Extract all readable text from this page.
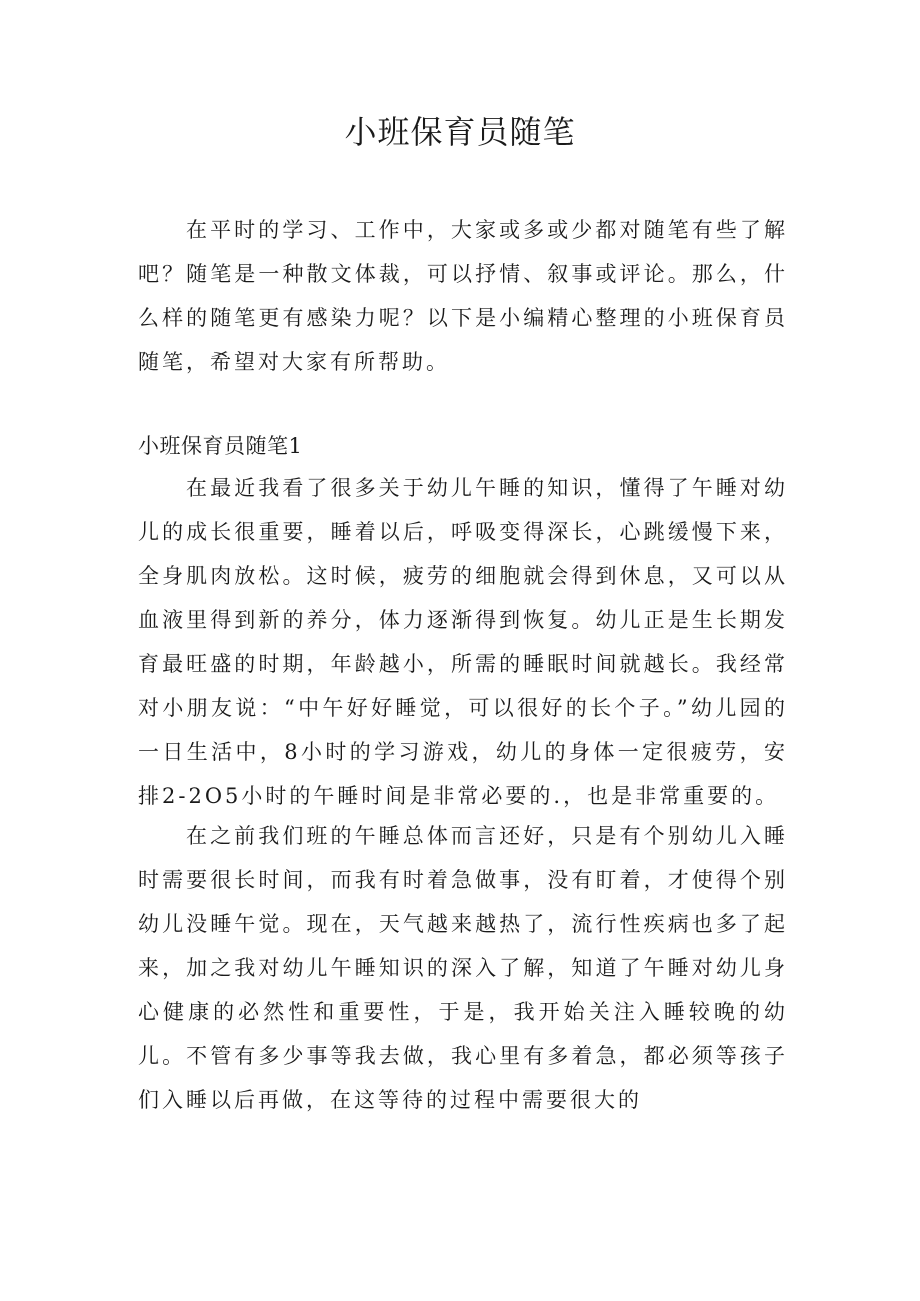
小班保育员随笔

在平时的学习、工作中，大家或多或少都对随笔有些了解吧？随笔是一种散文体裁，可以抒情、叙事或评论。那么，什么样的随笔更有感染力呢？以下是小编精心整理的小班保育员随笔，希望对大家有所帮助。

小班保育员随笔1

在最近我看了很多关于幼儿午睡的知识，懂得了午睡对幼儿的成长很重要，睡着以后，呼吸变得深长，心跳缓慢下来，全身肌肉放松。这时候，疲劳的细胞就会得到休息，又可以从血液里得到新的养分，体力逐渐得到恢复。幼儿正是生长期发育最旺盛的时期，年龄越小，所需的睡眠时间就越长。我经常对小朋友说：“中午好好睡觉，可以很好的长个子。”幼儿园的一日生活中，8小时的学习游戏，幼儿的身体一定很疲劳，安排2-2O5小时的午睡时间是非常必要的.，也是非常重要的。

在之前我们班的午睡总体而言还好，只是有个别幼儿入睡时需要很长时间，而我有时着急做事，没有盯着，才使得个别幼儿没睡午觉。现在，天气越来越热了，流行性疾病也多了起来，加之我对幼儿午睡知识的深入了解，知道了午睡对幼儿身心健康的必然性和重要性，于是，我开始关注入睡较晚的幼儿。不管有多少事等我去做，我心里有多着急，都必须等孩子们入睡以后再做，在这等待的过程中需要很大的
